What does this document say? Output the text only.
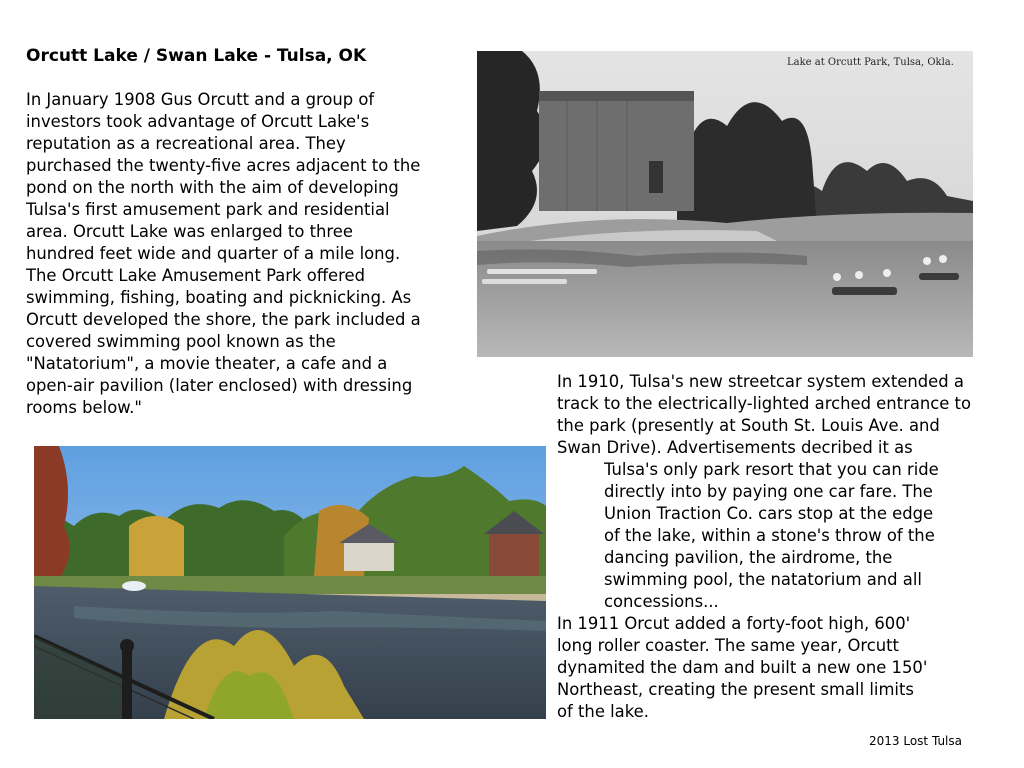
Orcutt Lake / Swan Lake - Tulsa, OK
In January 1908 Gus Orcutt and a group of
investors took advantage of Orcutt Lake's
reputation as a recreational area. They
purchased the twenty-five acres adjacent to the
pond on the north with the aim of developing
Tulsa's first amusement park and residential
area. Orcutt Lake was enlarged to three
hundred feet wide and quarter of a mile long.
The Orcutt Lake Amusement Park offered
swimming, fishing, boating and picknicking. As
Orcutt developed the shore, the park included a
covered swimming pool known as the
"Natatorium", a movie theater, a cafe and a
open-air pavilion (later enclosed) with dressing
rooms below."
Lake at Orcutt Park, Tulsa, Okla.
In 1910, Tulsa's new streetcar system extended a
track to the electrically-lighted arched entrance to
the park (presently at South St. Louis Ave. and
Swan Drive). Advertisements decribed it as
Tulsa's only park resort that you can ride
directly into by paying one car fare. The
Union Traction Co. cars stop at the edge
of the lake, within a stone's throw of the
dancing pavilion, the airdrome, the
swimming pool, the natatorium and all
concessions...
In 1911 Orcut added a forty-foot high, 600'
long roller coaster. The same year, Orcutt
dynamited the dam and built a new one 150'
Northeast, creating the present small limits
of the lake.
2013 Lost Tulsa
